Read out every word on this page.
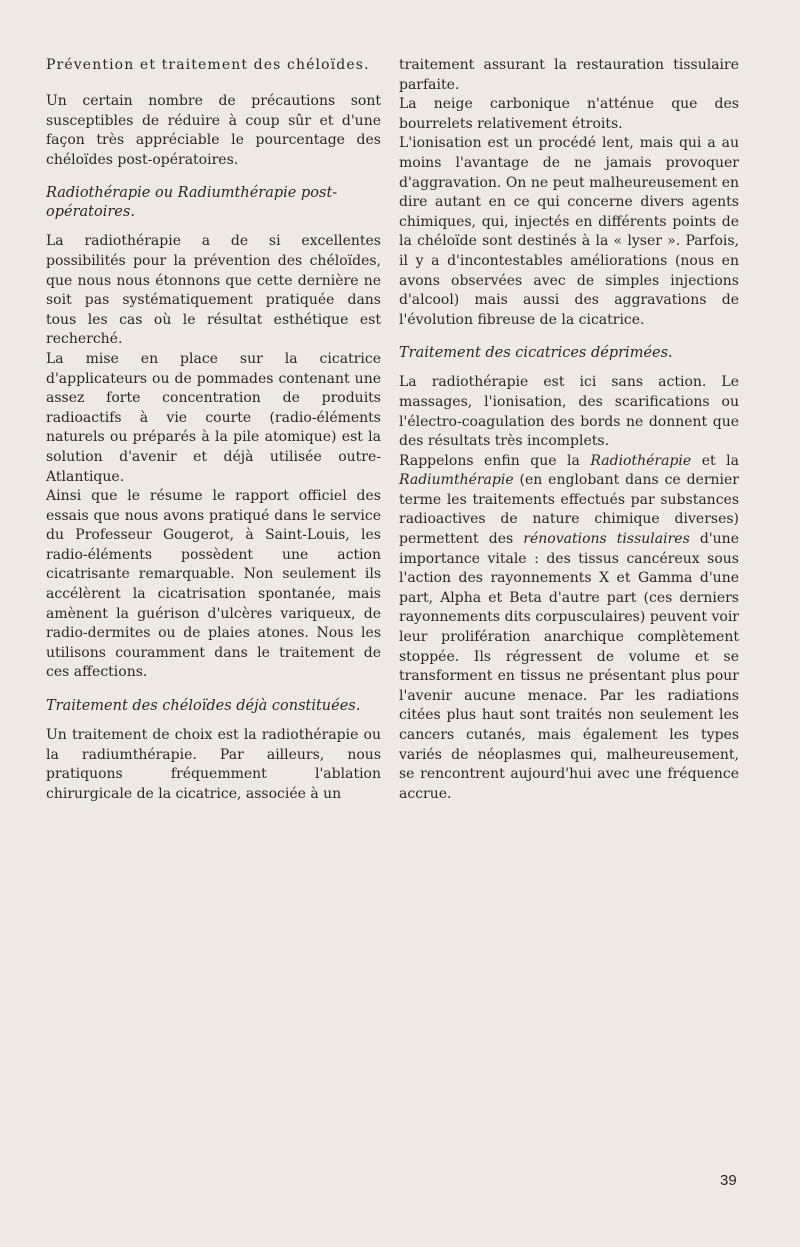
Prévention et traitement des chéloïdes.

Un certain nombre de précautions sont susceptibles de réduire à coup sûr et d'une façon très appréciable le pourcentage des chéloïdes post-opératoires.

Radiothérapie ou Radiumthérapie post-opératoires.

La radiothérapie a de si excellentes possibilités pour la prévention des chéloïdes, que nous nous étonnons que cette dernière ne soit pas systématiquement pratiquée dans tous les cas où le résultat esthétique est recherché.

La mise en place sur la cicatrice d'applicateurs ou de pommades contenant une assez forte concentration de produits radioactifs à vie courte (radio-éléments naturels ou préparés à la pile atomique) est la solution d'avenir et déjà utilisée outre-Atlantique.

Ainsi que le résume le rapport officiel des essais que nous avons pratiqué dans le service du Professeur Gougerot, à Saint-Louis, les radio-éléments possèdent une action cicatrisante remarquable. Non seulement ils accélèrent la cicatrisation spontanée, mais amènent la guérison d'ulcères variqueux, de radio-dermites ou de plaies atones. Nous les utilisons couramment dans le traitement de ces affections.

Traitement des chéloïdes déjà constituées.

Un traitement de choix est la radiothérapie ou la radiumthérapie. Par ailleurs, nous pratiquons fréquemment l'ablation chirurgicale de la cicatrice, associée à un

traitement assurant la restauration tissulaire parfaite.

La neige carbonique n'atténue que des bourrelets relativement étroits.

L'ionisation est un procédé lent, mais qui a au moins l'avantage de ne jamais provoquer d'aggravation. On ne peut malheureusement en dire autant en ce qui concerne divers agents chimiques, qui, injectés en différents points de la chéloïde sont destinés à la « lyser ». Parfois, il y a d'incontestables améliorations (nous en avons observées avec de simples injections d'alcool) mais aussi des aggravations de l'évolution fibreuse de la cicatrice.

Traitement des cicatrices déprimées.

La radiothérapie est ici sans action. Le massages, l'ionisation, des scarifications ou l'électro-coagulation des bords ne donnent que des résultats très incomplets.

Rappelons enfin que la Radiothérapie et la Radiumthérapie (en englobant dans ce dernier terme les traitements effectués par substances radioactives de nature chimique diverses) permettent des rénovations tissulaires d'une importance vitale : des tissus cancéreux sous l'action des rayonnements X et Gamma d'une part, Alpha et Beta d'autre part (ces derniers rayonnements dits corpusculaires) peuvent voir leur prolifération anarchique complètement stoppée. Ils régressent de volume et se transforment en tissus ne présentant plus pour l'avenir aucune menace. Par les radiations citées plus haut sont traités non seulement les cancers cutanés, mais également les types variés de néoplasmes qui, malheureusement, se rencontrent aujourd'hui avec une fréquence accrue.

39
